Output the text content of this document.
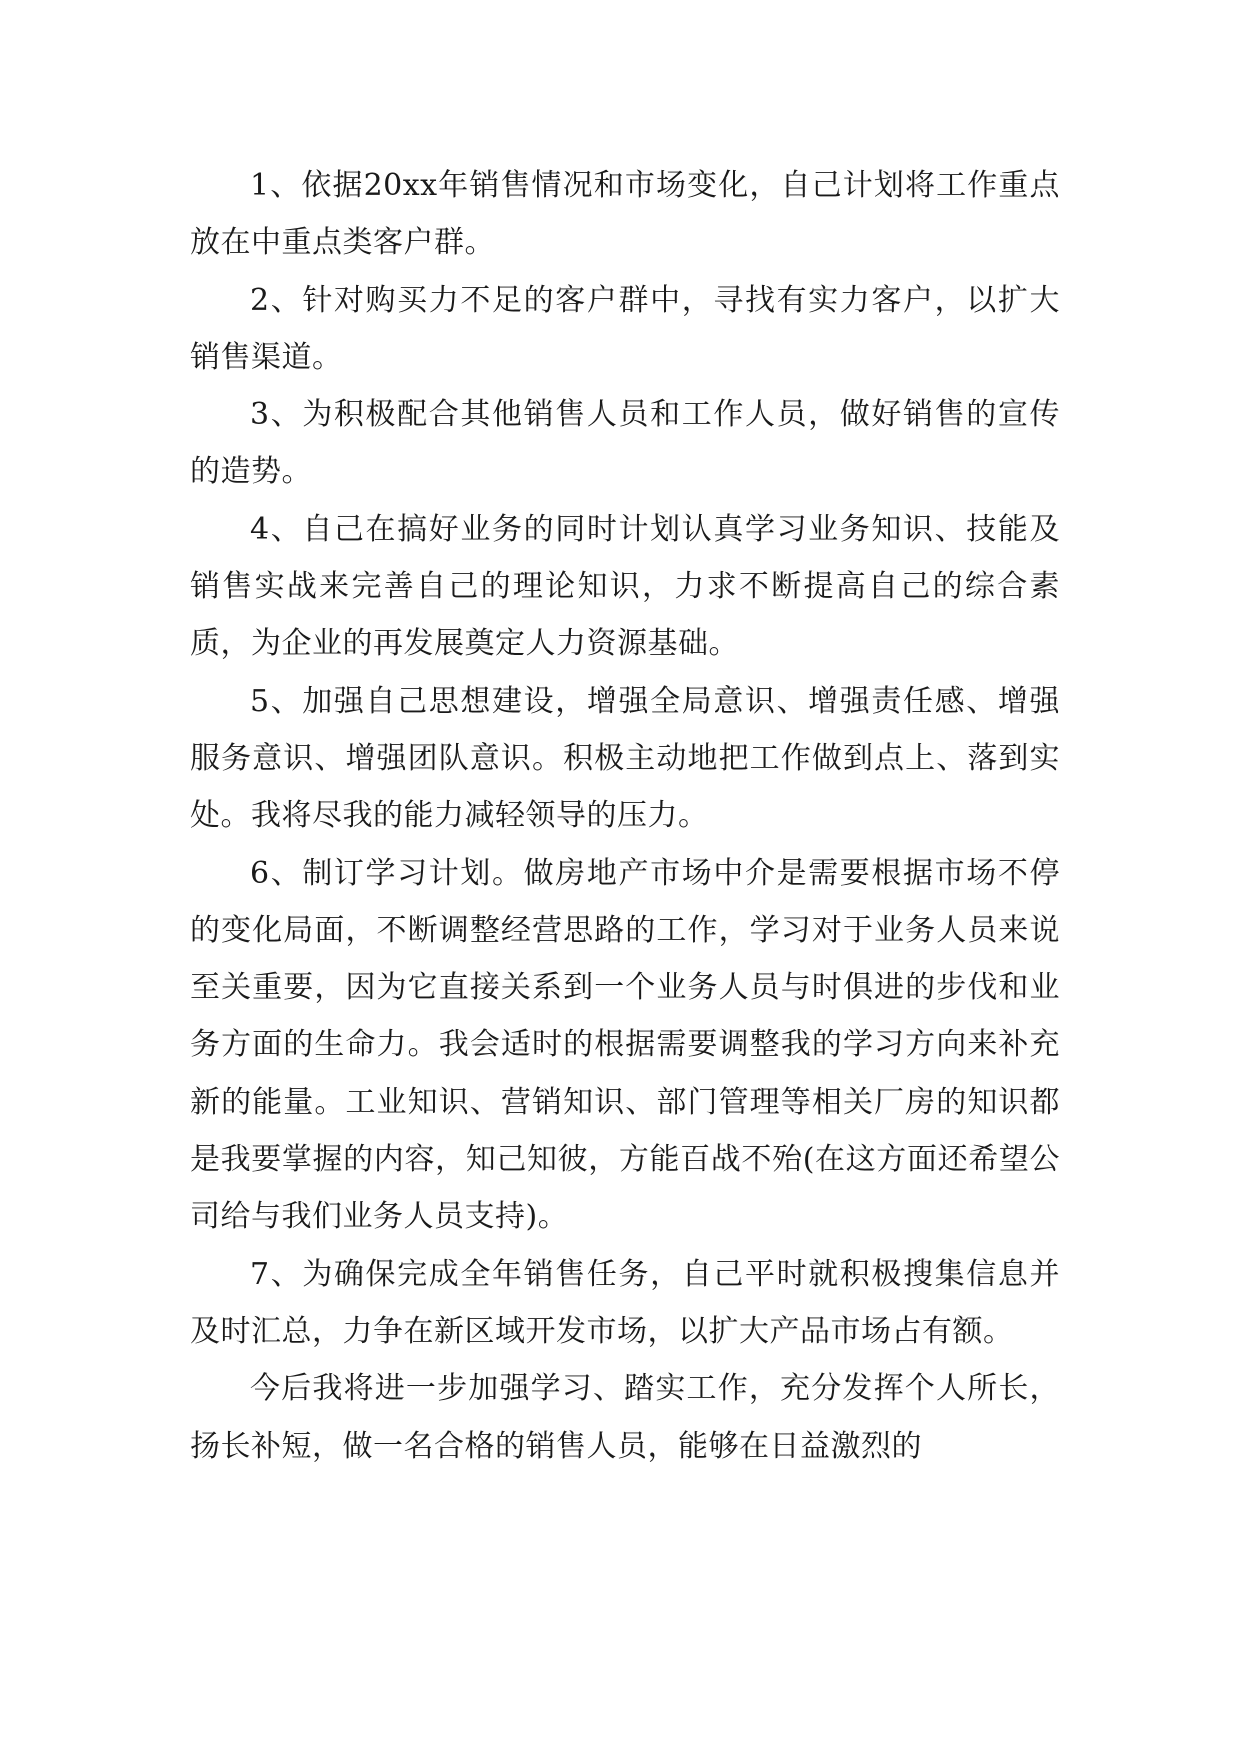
1、依据20xx年销售情况和市场变化，自己计划将工作重点放在中重点类客户群。

2、针对购买力不足的客户群中，寻找有实力客户，以扩大销售渠道。

3、为积极配合其他销售人员和工作人员，做好销售的宣传的造势。

4、自己在搞好业务的同时计划认真学习业务知识、技能及销售实战来完善自己的理论知识，力求不断提高自己的综合素质，为企业的再发展奠定人力资源基础。

5、加强自己思想建设，增强全局意识、增强责任感、增强服务意识、增强团队意识。积极主动地把工作做到点上、落到实处。我将尽我的能力减轻领导的压力。

6、制订学习计划。做房地产市场中介是需要根据市场不停的变化局面，不断调整经营思路的工作，学习对于业务人员来说至关重要，因为它直接关系到一个业务人员与时俱进的步伐和业务方面的生命力。我会适时的根据需要调整我的学习方向来补充新的能量。工业知识、营销知识、部门管理等相关厂房的知识都是我要掌握的内容，知己知彼，方能百战不殆(在这方面还希望公司给与我们业务人员支持)。

7、为确保完成全年销售任务，自己平时就积极搜集信息并及时汇总，力争在新区域开发市场，以扩大产品市场占有额。

今后我将进一步加强学习、踏实工作，充分发挥个人所长，扬长补短，做一名合格的销售人员，能够在日益激烈的
